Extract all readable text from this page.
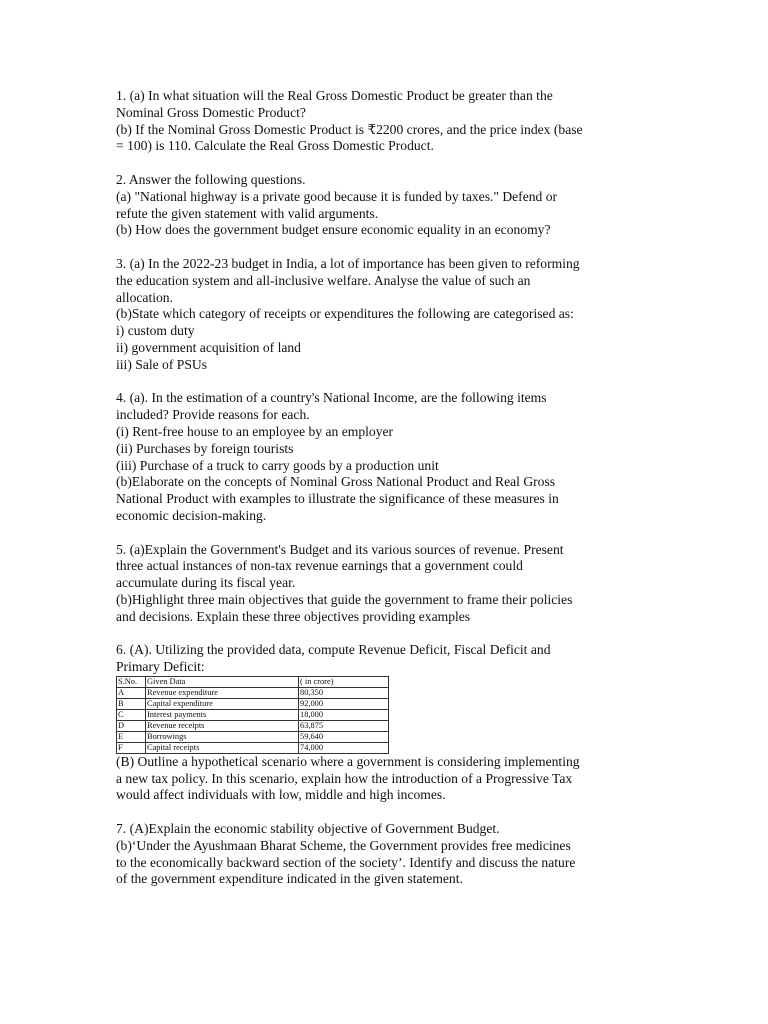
1. (a) In what situation will the Real Gross Domestic Product be greater than the
Nominal Gross Domestic Product?
(b) If the Nominal Gross Domestic Product is ₹2200 crores, and the price index (base
= 100) is 110. Calculate the Real Gross Domestic Product.
2. Answer the following questions.
(a) "National highway is a private good because it is funded by taxes." Defend or
refute the given statement with valid arguments.
(b) How does the government budget ensure economic equality in an economy?
3. (a) In the 2022-23 budget in India, a lot of importance has been given to reforming
the education system and all-inclusive welfare. Analyse the value of such an
allocation.
(b)State which category of receipts or expenditures the following are categorised as:
i) custom duty
ii) government acquisition of land
iii) Sale of PSUs
4. (a). In the estimation of a country's National Income, are the following items
included? Provide reasons for each.
(i) Rent-free house to an employee by an employer
(ii) Purchases by foreign tourists
(iii) Purchase of a truck to carry goods by a production unit
(b)Elaborate on the concepts of Nominal Gross National Product and Real Gross
National Product with examples to illustrate the significance of these measures in
economic decision-making.
5. (a)Explain the Government's Budget and its various sources of revenue. Present
three actual instances of non-tax revenue earnings that a government could
accumulate during its fiscal year.
(b)Highlight three main objectives that guide the government to frame their policies
and decisions. Explain these three objectives providing examples
6. (A). Utilizing the provided data, compute Revenue Deficit, Fiscal Deficit and
Primary Deficit:
S.No.	Given Data	( in crore)
A	Revenue expenditure	80,350
B	Capital expenditure	92,000
C	Interest payments	18,000
D	Revenue receipts	63,875
E	Borrowings	59,640
F	Capital receipts	74,000
(B) Outline a hypothetical scenario where a government is considering implementing
a new tax policy. In this scenario, explain how the introduction of a Progressive Tax
would affect individuals with low, middle and high incomes.
7. (A)Explain the economic stability objective of Government Budget.
(b)‘Under the Ayushmaan Bharat Scheme, the Government provides free medicines
to the economically backward section of the society’. Identify and discuss the nature
of the government expenditure indicated in the given statement.
